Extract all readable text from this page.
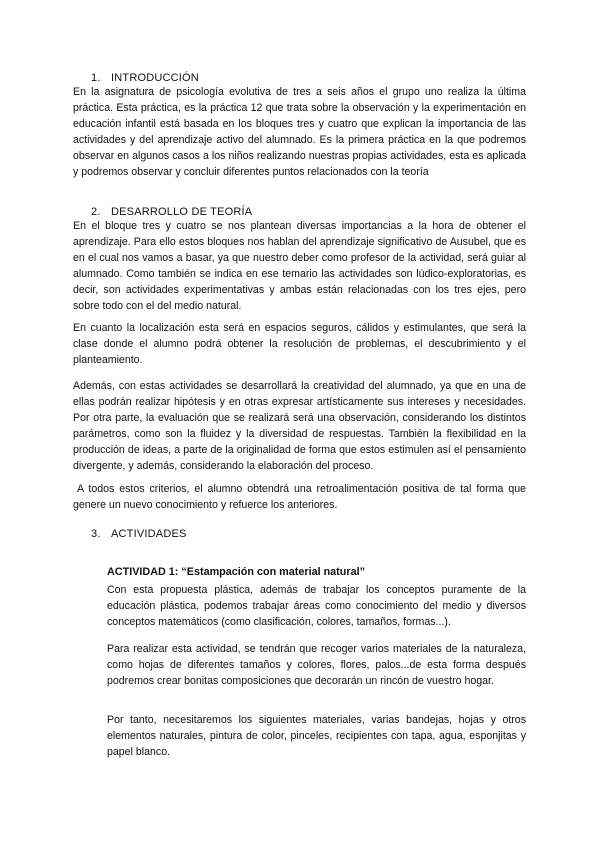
1. INTRODUCCIÓN

En la asignatura de psicología evolutiva de tres a seis años el grupo uno realiza la última práctica. Esta práctica, es la práctica 12 que trata sobre la observación y la experimentación en educación infantil está basada en los bloques tres y cuatro que explican la importancia de las actividades y del aprendizaje activo del alumnado. Es la primera práctica en la que podremos observar en algunos casos a los niños realizando nuestras propias actividades, esta es aplicada y podremos observar y concluir diferentes puntos relacionados con la teoría

2. DESARROLLO DE TEORÍA

En el bloque tres y cuatro se nos plantean diversas importancias a la hora de obtener el aprendizaje. Para ello estos bloques nos hablan del aprendizaje significativo de Ausubel, que es en el cual nos vamos a basar, ya que nuestro deber como profesor de la actividad, será guiar al alumnado. Como también se indica en ese temario las actividades son lúdico-exploratorias, es decir, son actividades experimentativas y ambas están relacionadas con los tres ejes, pero sobre todo con el del medio natural.

En cuanto la localización esta será en espacios seguros, cálidos y estimulantes, que será la clase donde el alumno podrá obtener la resolución de problemas, el descubrimiento y el planteamiento.

Además, con estas actividades se desarrollará la creatividad del alumnado, ya que en una de ellas podrán realizar hipótesis y en otras expresar artísticamente sus intereses y necesidades. Por otra parte, la evaluación que se realizará será una observación, considerando los distintos parámetros, como son la fluidez y la diversidad de respuestas. También la flexibilidad en la producción de ideas, a parte de la originalidad de forma que estos estimulen así el pensamiento divergente, y además, considerando la elaboración del proceso.

A todos estos criterios, el alumno obtendrá una retroalimentación positiva de tal forma que genere un nuevo conocimiento y refuerce los anteriores.

3. ACTIVIDADES
ACTIVIDAD 1: “Estampación con material natural”

Con esta propuesta plástica, además de trabajar los conceptos puramente de la educación plástica, podemos trabajar áreas como conocimiento del medio y diversos conceptos matemáticos (como clasificación, colores, tamaños, formas...).

Para realizar esta actividad, se tendrán que recoger varios materiales de la naturaleza, como hojas de diferentes tamaños y colores, flores, palos...de esta forma después podremos crear bonitas composiciones que decorarán un rincón de vuestro hogar.

Por tanto, necesitaremos los siguientes materiales, varias bandejas, hojas y otros elementos naturales, pintura de color, pinceles, recipientes con tapa, agua, esponjitas y papel blanco.
